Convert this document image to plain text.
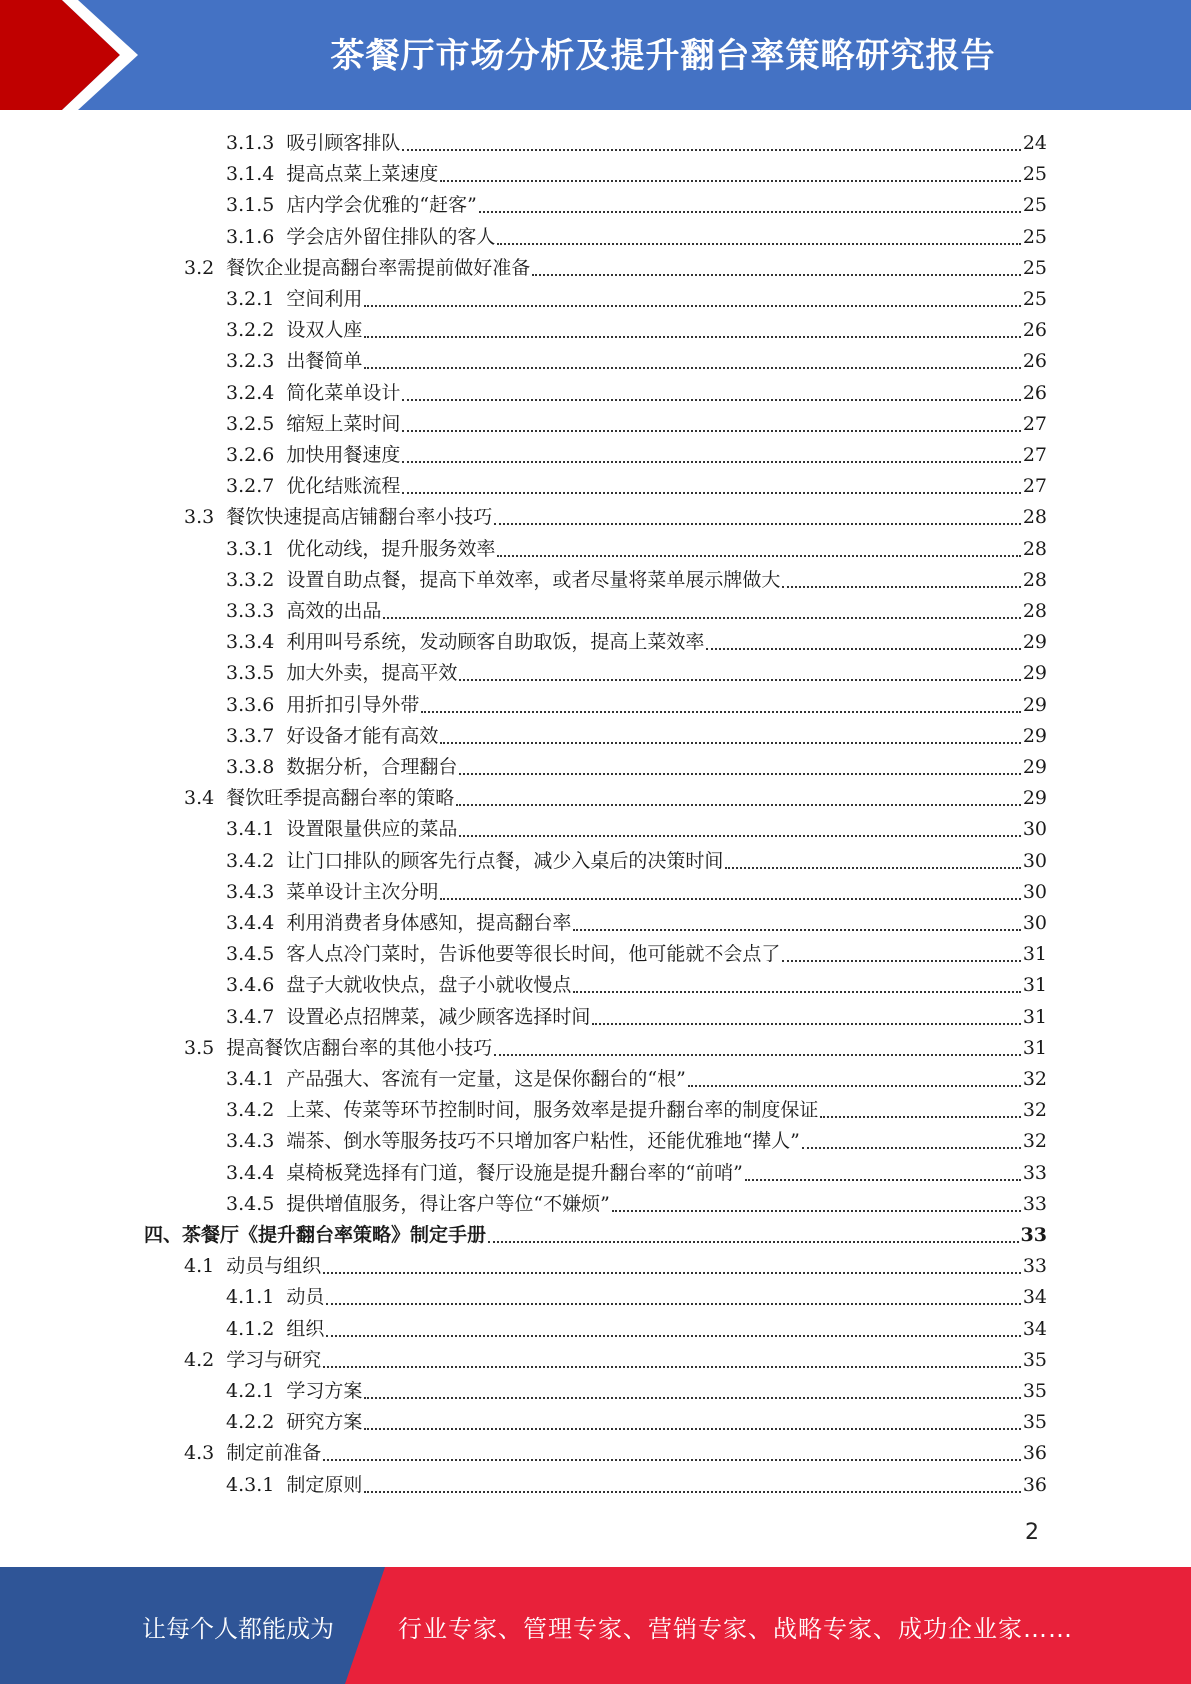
茶餐厅市场分析及提升翻台率策略研究报告
3.1.3 吸引顾客排队	24
3.1.4 提高点菜上菜速度	25
3.1.5 店内学会优雅的“赶客”	25
3.1.6 学会店外留住排队的客人	25
3.2 餐饮企业提高翻台率需提前做好准备	25
3.2.1 空间利用	25
3.2.2 设双人座	26
3.2.3 出餐简单	26
3.2.4 简化菜单设计	26
3.2.5 缩短上菜时间	27
3.2.6 加快用餐速度	27
3.2.7 优化结账流程	27
3.3 餐饮快速提高店铺翻台率小技巧	28
3.3.1 优化动线，提升服务效率	28
3.3.2 设置自助点餐，提高下单效率，或者尽量将菜单展示牌做大	28
3.3.3 高效的出品	28
3.3.4 利用叫号系统，发动顾客自助取饭，提高上菜效率	29
3.3.5 加大外卖，提高平效	29
3.3.6 用折扣引导外带	29
3.3.7 好设备才能有高效	29
3.3.8 数据分析，合理翻台	29
3.4 餐饮旺季提高翻台率的策略	29
3.4.1 设置限量供应的菜品	30
3.4.2 让门口排队的顾客先行点餐，减少入桌后的决策时间	30
3.4.3 菜单设计主次分明	30
3.4.4 利用消费者身体感知，提高翻台率	30
3.4.5 客人点冷门菜时，告诉他要等很长时间，他可能就不会点了	31
3.4.6 盘子大就收快点，盘子小就收慢点	31
3.4.7 设置必点招牌菜，减少顾客选择时间	31
3.5 提高餐饮店翻台率的其他小技巧	31
3.4.1 产品强大、客流有一定量，这是保你翻台的“根”	32
3.4.2 上菜、传菜等环节控制时间，服务效率是提升翻台率的制度保证	32
3.4.3 端茶、倒水等服务技巧不只增加客户粘性，还能优雅地“撵人”	32
3.4.4 桌椅板凳选择有门道，餐厅设施是提升翻台率的“前哨”	33
3.4.5 提供增值服务，得让客户等位“不嫌烦”	33
四、茶餐厅《提升翻台率策略》制定手册	33
4.1 动员与组织	33
4.1.1 动员	34
4.1.2 组织	34
4.2 学习与研究	35
4.2.1 学习方案	35
4.2.2 研究方案	35
4.3 制定前准备	36
4.3.1 制定原则	36
2
让每个人都能成为	行业专家、管理专家、营销专家、战略专家、成功企业家……
